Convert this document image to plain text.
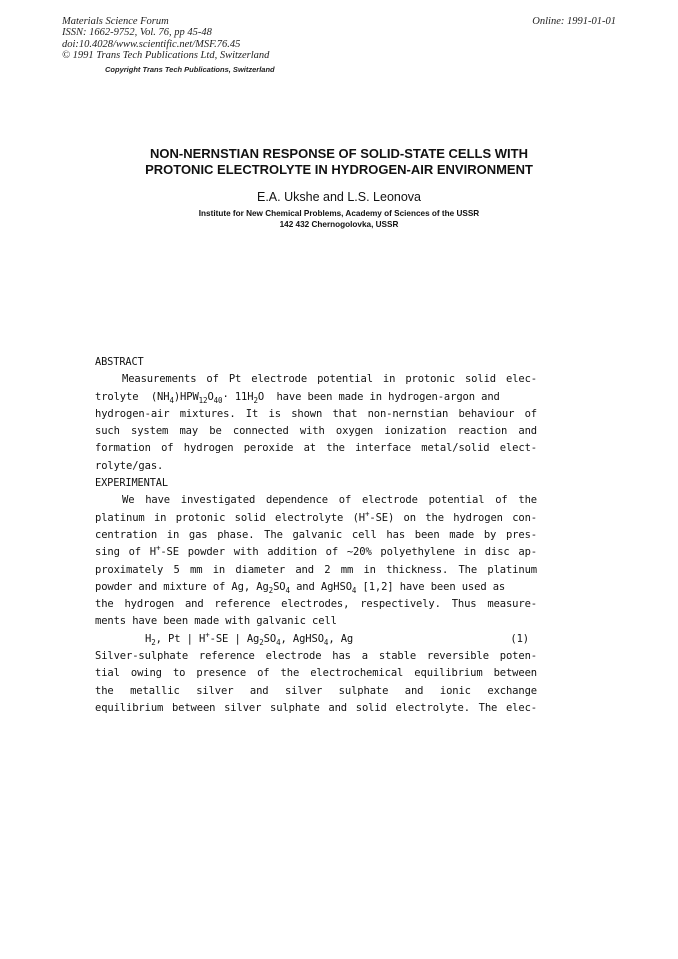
Materials Science Forum
ISSN: 1662-9752, Vol. 76, pp 45-48
doi:10.4028/www.scientific.net/MSF.76.45
© 1991 Trans Tech Publications Ltd, Switzerland
Copyright Trans Tech Publications, Switzerland
Online: 1991-01-01
NON-NERNSTIAN RESPONSE OF SOLID-STATE CELLS WITH
PROTONIC ELECTROLYTE IN HYDROGEN-AIR ENVIRONMENT
E.A. Ukshe and L.S. Leonova
Institute for New Chemical Problems, Academy of Sciences of the USSR
142 432 Chernogolovka, USSR
ABSTRACT
Measurements of Pt electrode potential in protonic solid elec-
trolyte $(NH_4)HPW_{12}O_{40}\cdot 11H_2O$ have been made in hydrogen-argon and
hydrogen-air mixtures. It is shown that non-nernstian behaviour of
such system may be connected with oxygen ionization reaction and
formation of hydrogen peroxide at the interface metal/solid elect-
rolyte/gas.
EXPERIMENTAL
We have investigated dependence of electrode potential of the
platinum in protonic solid electrolyte (H+-SE) on the hydrogen con-
centration in gas phase. The galvanic cell has been made by pres-
sing of H+-SE powder with addition of ~20% polyethylene in disc ap-
proximately 5 mm in diameter and 2 mm in thickness. The platinum
powder and mixture of Ag, $Ag_2SO_4$ and AgHSO$_4$ [1,2] have been used as
the hydrogen and reference electrodes, respectively. Thus measure-
ments have been made with galvanic cell
$H_2$, Pt | H+-SE | $Ag_2SO_4$, AgHSO$_4$, Ag	(1)
Silver-sulphate reference electrode has a stable reversible poten-
tial owing to presence of the electrochemical equilibrium between
the metallic silver and silver sulphate and ionic exchange
equilibrium between silver sulphate and solid electrolyte. The elec-
